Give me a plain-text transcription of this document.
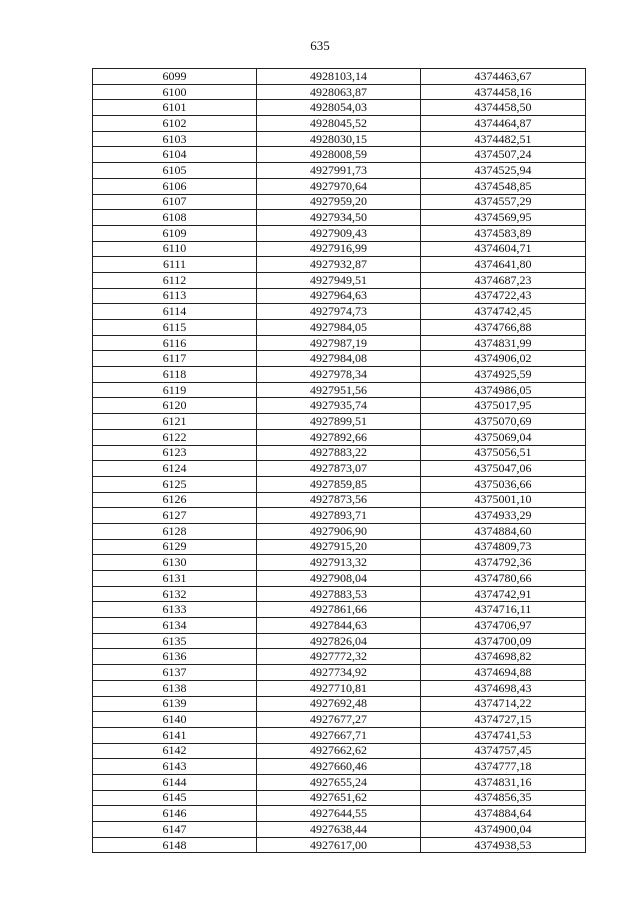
635
6099	4928103,14	4374463,67
6100	4928063,87	4374458,16
6101	4928054,03	4374458,50
6102	4928045,52	4374464,87
6103	4928030,15	4374482,51
6104	4928008,59	4374507,24
6105	4927991,73	4374525,94
6106	4927970,64	4374548,85
6107	4927959,20	4374557,29
6108	4927934,50	4374569,95
6109	4927909,43	4374583,89
6110	4927916,99	4374604,71
6111	4927932,87	4374641,80
6112	4927949,51	4374687,23
6113	4927964,63	4374722,43
6114	4927974,73	4374742,45
6115	4927984,05	4374766,88
6116	4927987,19	4374831,99
6117	4927984,08	4374906,02
6118	4927978,34	4374925,59
6119	4927951,56	4374986,05
6120	4927935,74	4375017,95
6121	4927899,51	4375070,69
6122	4927892,66	4375069,04
6123	4927883,22	4375056,51
6124	4927873,07	4375047,06
6125	4927859,85	4375036,66
6126	4927873,56	4375001,10
6127	4927893,71	4374933,29
6128	4927906,90	4374884,60
6129	4927915,20	4374809,73
6130	4927913,32	4374792,36
6131	4927908,04	4374780,66
6132	4927883,53	4374742,91
6133	4927861,66	4374716,11
6134	4927844,63	4374706,97
6135	4927826,04	4374700,09
6136	4927772,32	4374698,82
6137	4927734,92	4374694,88
6138	4927710,81	4374698,43
6139	4927692,48	4374714,22
6140	4927677,27	4374727,15
6141	4927667,71	4374741,53
6142	4927662,62	4374757,45
6143	4927660,46	4374777,18
6144	4927655,24	4374831,16
6145	4927651,62	4374856,35
6146	4927644,55	4374884,64
6147	4927638,44	4374900,04
6148	4927617,00	4374938,53
